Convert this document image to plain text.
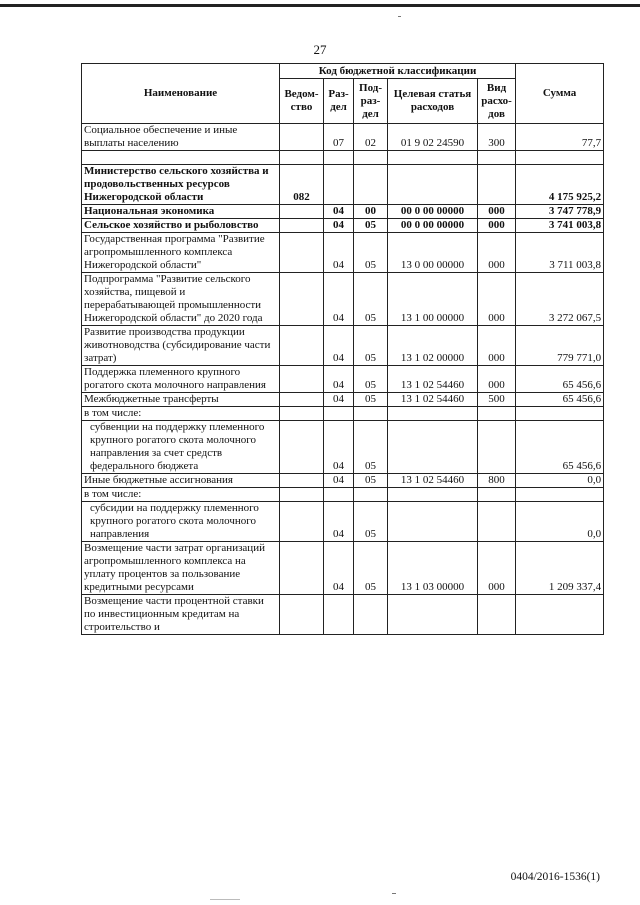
27
Наименование	Код бюджетной классификации					Сумма
	Ведом-ство	Раз-дел	Под-раз-дел	Целевая статья расходов	Вид расхо-дов	
Социальное обеспечение и иные выплаты населению		07	02	01 9 02 24590	300	77,7

Министерство сельского хозяйства и продовольственных ресурсов Нижегородской области	082					4 175 925,2
Национальная экономика		04	00	00 0 00 00000	000	3 747 778,9
Сельское хозяйство и рыболовство		04	05	00 0 00 00000	000	3 741 003,8
Государственная программа "Развитие агропромышленного комплекса Нижегородской области"		04	05	13 0 00 00000	000	3 711 003,8
Подпрограмма "Развитие сельского хозяйства, пищевой и перерабатывающей промышленности Нижегородской области" до 2020 года		04	05	13 1 00 00000	000	3 272 067,5
Развитие производства продукции животноводства (субсидирование части затрат)		04	05	13 1 02 00000	000	779 771,0
Поддержка племенного крупного рогатого скота молочного направления		04	05	13 1 02 54460	000	65 456,6
Межбюджетные трансферты		04	05	13 1 02 54460	500	65 456,6
в том числе:						
субвенции на поддержку племенного крупного рогатого скота молочного направления за счет средств федерального бюджета		04	05			65 456,6
Иные бюджетные ассигнования		04	05	13 1 02 54460	800	0,0
в том числе:						
субсидии на поддержку племенного крупного рогатого скота молочного направления		04	05			0,0
Возмещение части затрат организаций агропромышленного комплекса на уплату процентов за пользование кредитными ресурсами		04	05	13 1 03 00000	000	1 209 337,4
Возмещение части процентной ставки по инвестиционным кредитам на строительство и						
0404/2016-1536(1)
